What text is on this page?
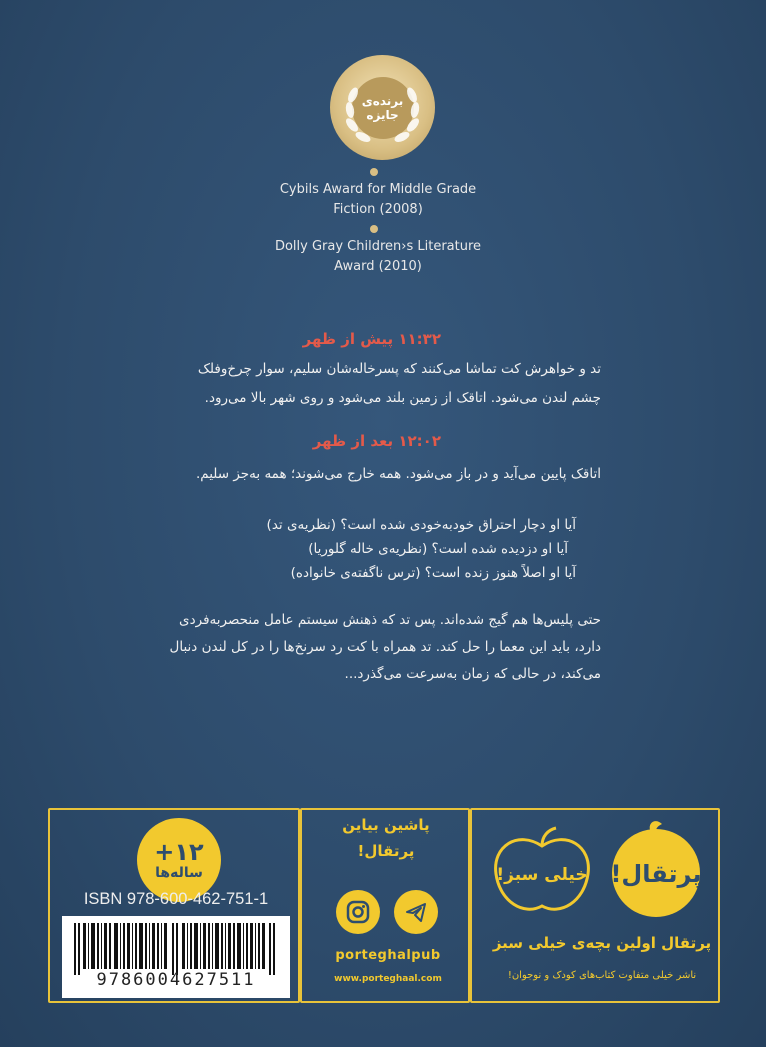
برنده‌ی
جایزه
Cybils Award for Middle Grade
Fiction (2008)
Dolly Gray Children›s Literature
Award (2010)
۱۱:۳۲ پیش از ظهر

تد و خواهرش کت تماشا می‌کنند که پسرخاله‌شان سلیم، سوار چرخ‌وفلک

چشم لندن می‌شود. اتاقک از زمین بلند می‌شود و روی شهر بالا می‌رود.

۱۲:۰۲ بعد از ظهر

اتاقک پایین می‌آید و در باز می‌شود. همه خارج می‌شوند؛ همه به‌جز سلیم.

آیا او دچار احتراق خودبه‌خودی شده است؟ (نظریه‌ی تد)

آیا او دزدیده شده است؟ (نظریه‌ی خاله گلوریا)

آیا او اصلاً هنوز زنده است؟ (ترس ناگفته‌ی خانواده)

حتی پلیس‌ها هم گیج شده‌اند. پس تد که ذهنش سیستم عامل منحصربه‌فردی

دارد، باید این معما را حل کند. تد همراه با کت رد سرنخ‌ها را در کل لندن دنبال

می‌کند، در حالی که زمان به‌سرعت می‌گذرد...

+۱۲
ساله‌ها
ISBN 978-600-462-751-1
9786004627511
پاشین بیاین
پرتقال!
porteghalpub
www.porteghaal.com
پرتقال!
خیلی سبز!
پرتقال اولین بچه‌ی خیلی سبز
ناشر خیلی متفاوت کتاب‌های کودک و نوجوان!
